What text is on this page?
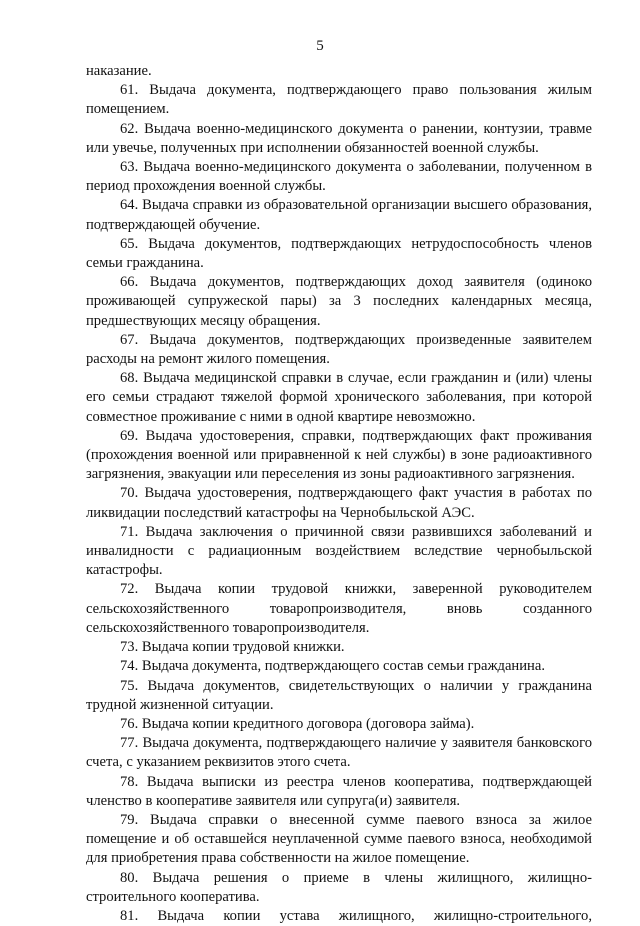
5

наказание.

61. Выдача документа, подтверждающего право пользования жилым помещением.

62. Выдача военно-медицинского документа о ранении, контузии, травме или увечье, полученных при исполнении обязанностей военной службы.

63. Выдача военно-медицинского документа о заболевании, полученном в период прохождения военной службы.

64. Выдача справки из образовательной организации высшего образования, подтверждающей обучение.

65. Выдача документов, подтверждающих нетрудоспособность членов семьи гражданина.

66. Выдача документов, подтверждающих доход заявителя (одиноко проживающей супружеской пары) за 3 последних календарных месяца, предшествующих месяцу обращения.

67. Выдача документов, подтверждающих произведенные заявителем расходы на ремонт жилого помещения.

68. Выдача медицинской справки в случае, если гражданин и (или) члены его семьи страдают тяжелой формой хронического заболевания, при которой совместное проживание с ними в одной квартире невозможно.

69. Выдача удостоверения, справки, подтверждающих факт проживания (прохождения военной или приравненной к ней службы) в зоне радиоактивного загрязнения, эвакуации или переселения из зоны радиоактивного загрязнения.

70. Выдача удостоверения, подтверждающего факт участия в работах по ликвидации последствий катастрофы на Чернобыльской АЭС.

71. Выдача заключения о причинной связи развившихся заболеваний и инвалидности с радиационным воздействием вследствие чернобыльской катастрофы.

72. Выдача копии трудовой книжки, заверенной руководителем сельскохозяйственного товаропроизводителя, вновь созданного сельскохозяйственного товаропроизводителя.

73. Выдача копии трудовой книжки.

74. Выдача документа, подтверждающего состав семьи гражданина.

75. Выдача документов, свидетельствующих о наличии у гражданина трудной жизненной ситуации.

76. Выдача копии кредитного договора (договора займа).

77. Выдача документа, подтверждающего наличие у заявителя банковского счета, с указанием реквизитов этого счета.

78. Выдача выписки из реестра членов кооператива, подтверждающей членство в кооперативе заявителя или супруга(и) заявителя.

79. Выдача справки о внесенной сумме паевого взноса за жилое помещение и об оставшейся неуплаченной сумме паевого взноса, необходимой для приобретения права собственности на жилое помещение.

80. Выдача решения о приеме в члены жилищного, жилищно-строительного кооператива.

81. Выдача копии устава жилищного, жилищно-строительного,
